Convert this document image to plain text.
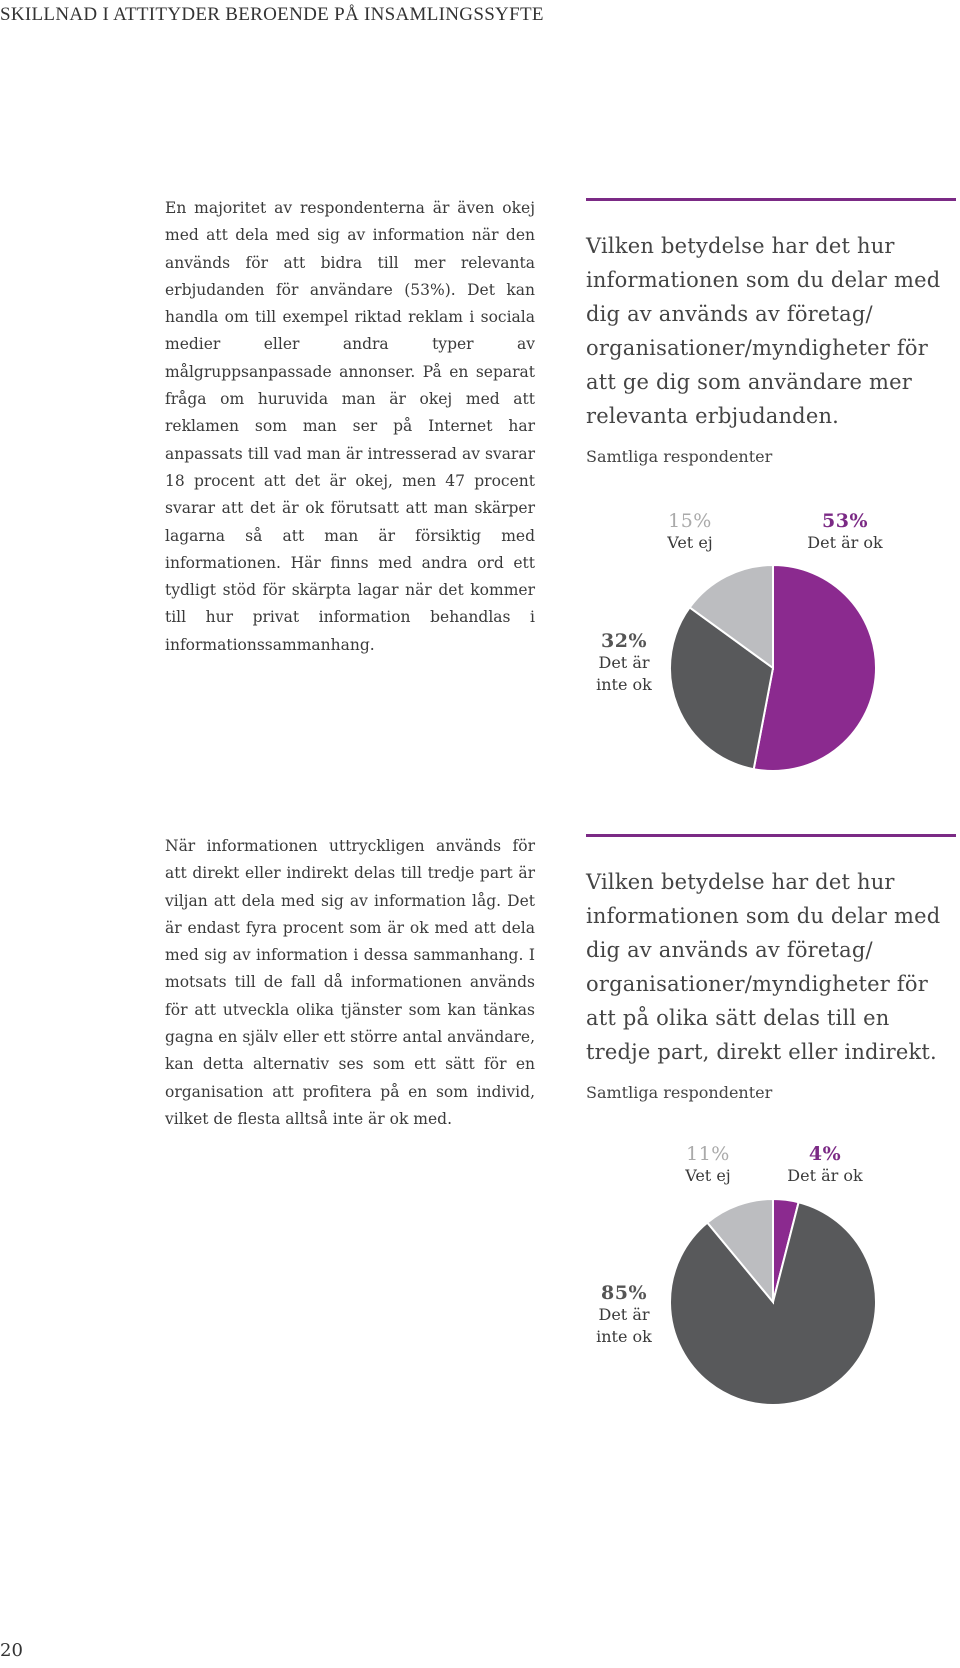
SKILLNAD I ATTITYDER BEROENDE PÅ INSAMLINGSSYFTE
En majoritet av respondenterna är även okej med att dela med sig av information när den används för att bidra till mer relevanta erbjudanden för användare (53%). Det kan handla om till exempel riktad reklam i sociala medier eller andra typer av målgruppsanpassade annonser. På en separat fråga om huruvida man är okej med att reklamen som man ser på Internet har anpassats till vad man är intresserad av svarar 18 procent att det är okej, men 47 procent svarar att det är ok förutsatt att man skärper lagarna så att man är försiktig med informationen. Här finns med andra ord ett tydligt stöd för skärpta lagar när det kommer till hur privat information behandlas i informationssammanhang.
När informationen uttryckligen används för att direkt eller indirekt delas till tredje part är viljan att dela med sig av information låg. Det är endast fyra procent som är ok med att dela med sig av information i dessa sammanhang. I motsats till de fall då informationen används för att utveckla olika tjänster som kan tänkas gagna en själv eller ett större antal användare, kan detta alternativ ses som ett sätt för en organisation att profitera på en som individ, vilket de flesta alltså inte är ok med.
Vilken betydelse har det hur informationen som du delar med dig av används av företag/ organisationer/myndigheter för att ge dig som användare mer relevanta erbjudanden.
Samtliga respondenter
15%
Vet ej
53%
Det är ok
32%
Det är
inte ok
Vilken betydelse har det hur informationen som du delar med dig av används av företag/ organisationer/myndigheter för att på olika sätt delas till en tredje part, direkt eller indirekt.
Samtliga respondenter
11%
Vet ej
4%
Det är ok
85%
Det är
inte ok
20
